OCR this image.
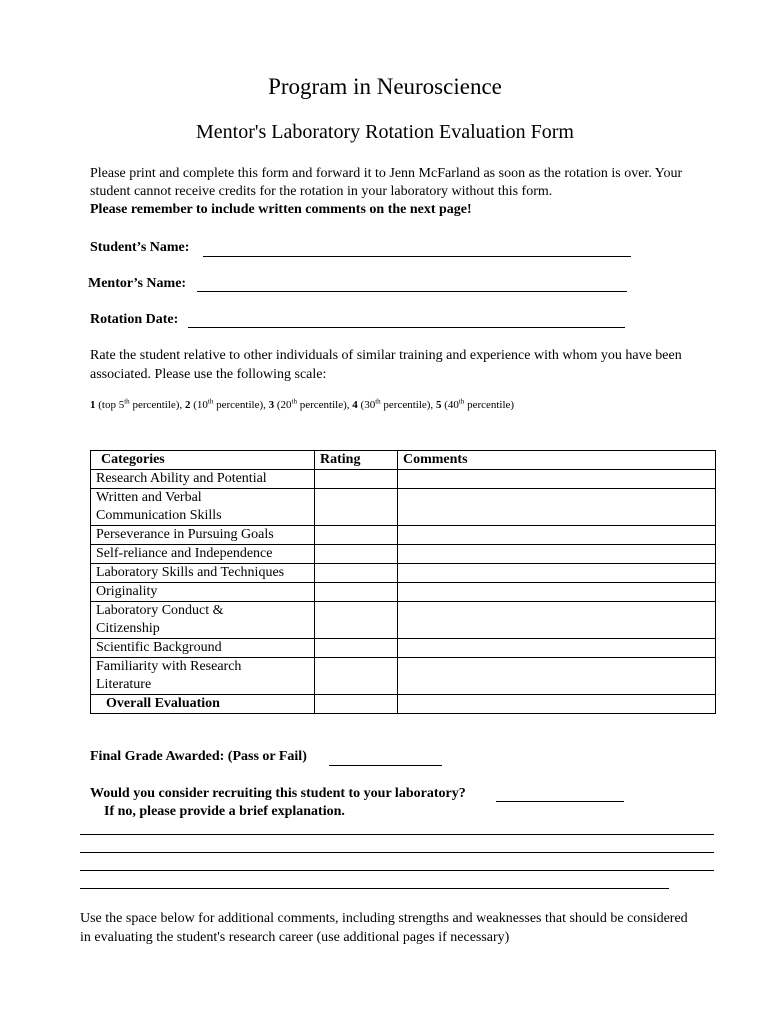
Program in Neuroscience
Mentor's Laboratory Rotation Evaluation Form

Please print and complete this form and forward it to Jenn McFarland as soon as the rotation is over. Your student cannot receive credits for the rotation in your laboratory without this form.

Please remember to include written comments on the next page!

Student’s Name:
Mentor’s Name:
Rotation Date:
Rate the student relative to other individuals of similar training and experience with whom you have been associated. Please use the following scale:
1 (top 5th percentile), 2 (10th percentile), 3 (20th percentile), 4 (30th percentile), 5 (40th percentile)
Categories	Rating	Comments

Research Ability and Potential		

Written and Verbal
Communication Skills		

Perseverance in Pursuing Goals		

Self-reliance and Independence		

Laboratory Skills and Techniques		

Originality		

Laboratory Conduct &
Citizenship		

Scientific Background		

Familiarity with Research
Literature		

Overall Evaluation		
Final Grade Awarded: (Pass or Fail)
Would you consider recruiting this student to your laboratory?
If no, please provide a brief explanation.
Use the space below for additional comments, including strengths and weaknesses that should be considered in evaluating the student's research career (use additional pages if necessary)
